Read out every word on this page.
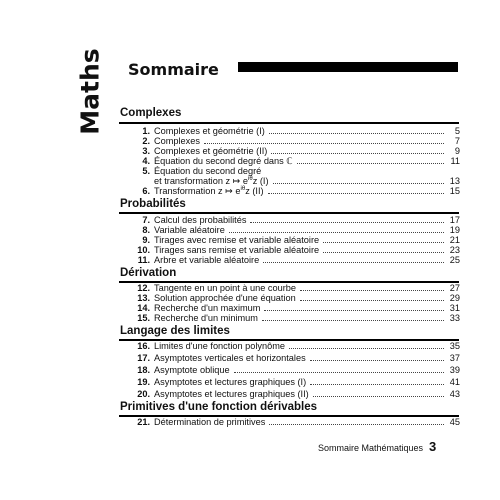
Maths Sommaire
Complexes
1. Complexes et géométrie (I)	5
2. Complexes	7
3. Complexes et géométrie (II)	9
4. Équation du second degré dans ℂ	11
5. Équation du second degré
et transformation z ↦ $e^{i\theta}z$ (I)	13
6. Transformation z ↦ $e^{i\theta}z$ (II)	15
Probabilités
7. Calcul des probabilités	17
8. Variable aléatoire	19
9. Tirages avec remise et variable aléatoire	21
10. Tirages sans remise et variable aléatoire	23
11. Arbre et variable aléatoire	25
Dérivation
12. Tangente en un point à une courbe	27
13. Solution approchée d'une équation	29
14. Recherche d'un maximum	31
15. Recherche d'un minimum	33
Langage des limites
16. Limites d'une fonction polynôme	35
17. Asymptotes verticales et horizontales	37
18. Asymptote oblique	39
19. Asymptotes et lectures graphiques (I)	41
20. Asymptotes et lectures graphiques (II)	43
Primitives d'une fonction dérivables
21. Détermination de primitives	45
Sommaire Mathématiques 3
